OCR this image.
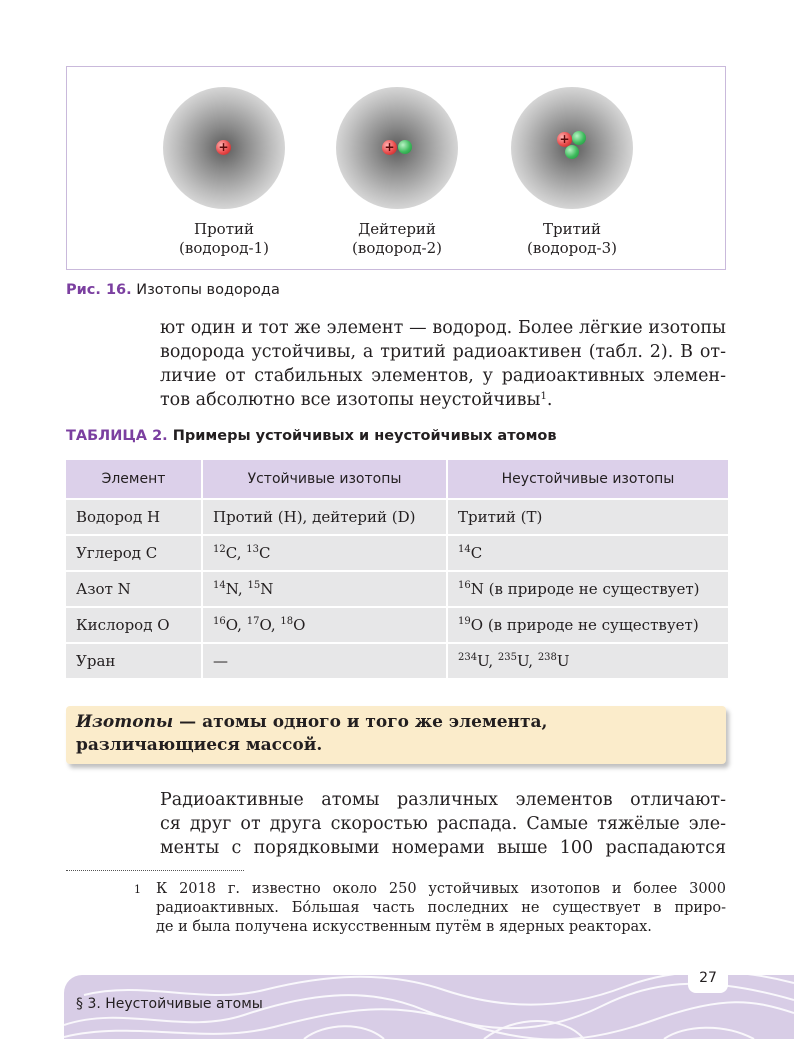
+	+
+
Протий
(водород-1)
Дейтерий
(водород-2)
Тритий
(водород-3)
Рис. 16. Изотопы водорода
ют один и тот же элемент — водород. Более лёгкие изотопы
водорода устойчивы, а тритий радиоактивен (табл. 2). В от-
личие от стабильных элементов, у радиоактивных элемен-
тов абсолютно все изотопы неустойчивы$^1$.
ТАБЛИЦА 2. Примеры устойчивых и неустойчивых атомов
Элемент	Устойчивые изотопы	Неустойчивые изотопы
Водород H	Протий (H), дейтерий (D)	Тритий (T)
Углерод C	$^{12}$C, $^{13}$C	$^{14}$C
Азот N	$^{14}$N, $^{15}$N	$^{16}$N (в природе не существует)
Кислород O	$^{16}$O, $^{17}$O, $^{18}$O	$^{19}$O (в природе не существует)
Уран	—	$^{234}$U, $^{235}$U, $^{238}$U
Изотопы — атомы одного и того же элемента, различающиеся массой.
Радиоактивные атомы различных элементов отличают-
ся друг от друга скоростью распада. Самые тяжёлые эле-
менты с порядковыми номерами выше 100 распадаются
1 К 2018 г. известно около 250 устойчивых изотопов и более 3000
радиоактивных. Бо́льшая часть последних не существует в приро-
де и была получена искусственным путём в ядерных реакторах.
27
§ 3. Неустойчивые атомы
